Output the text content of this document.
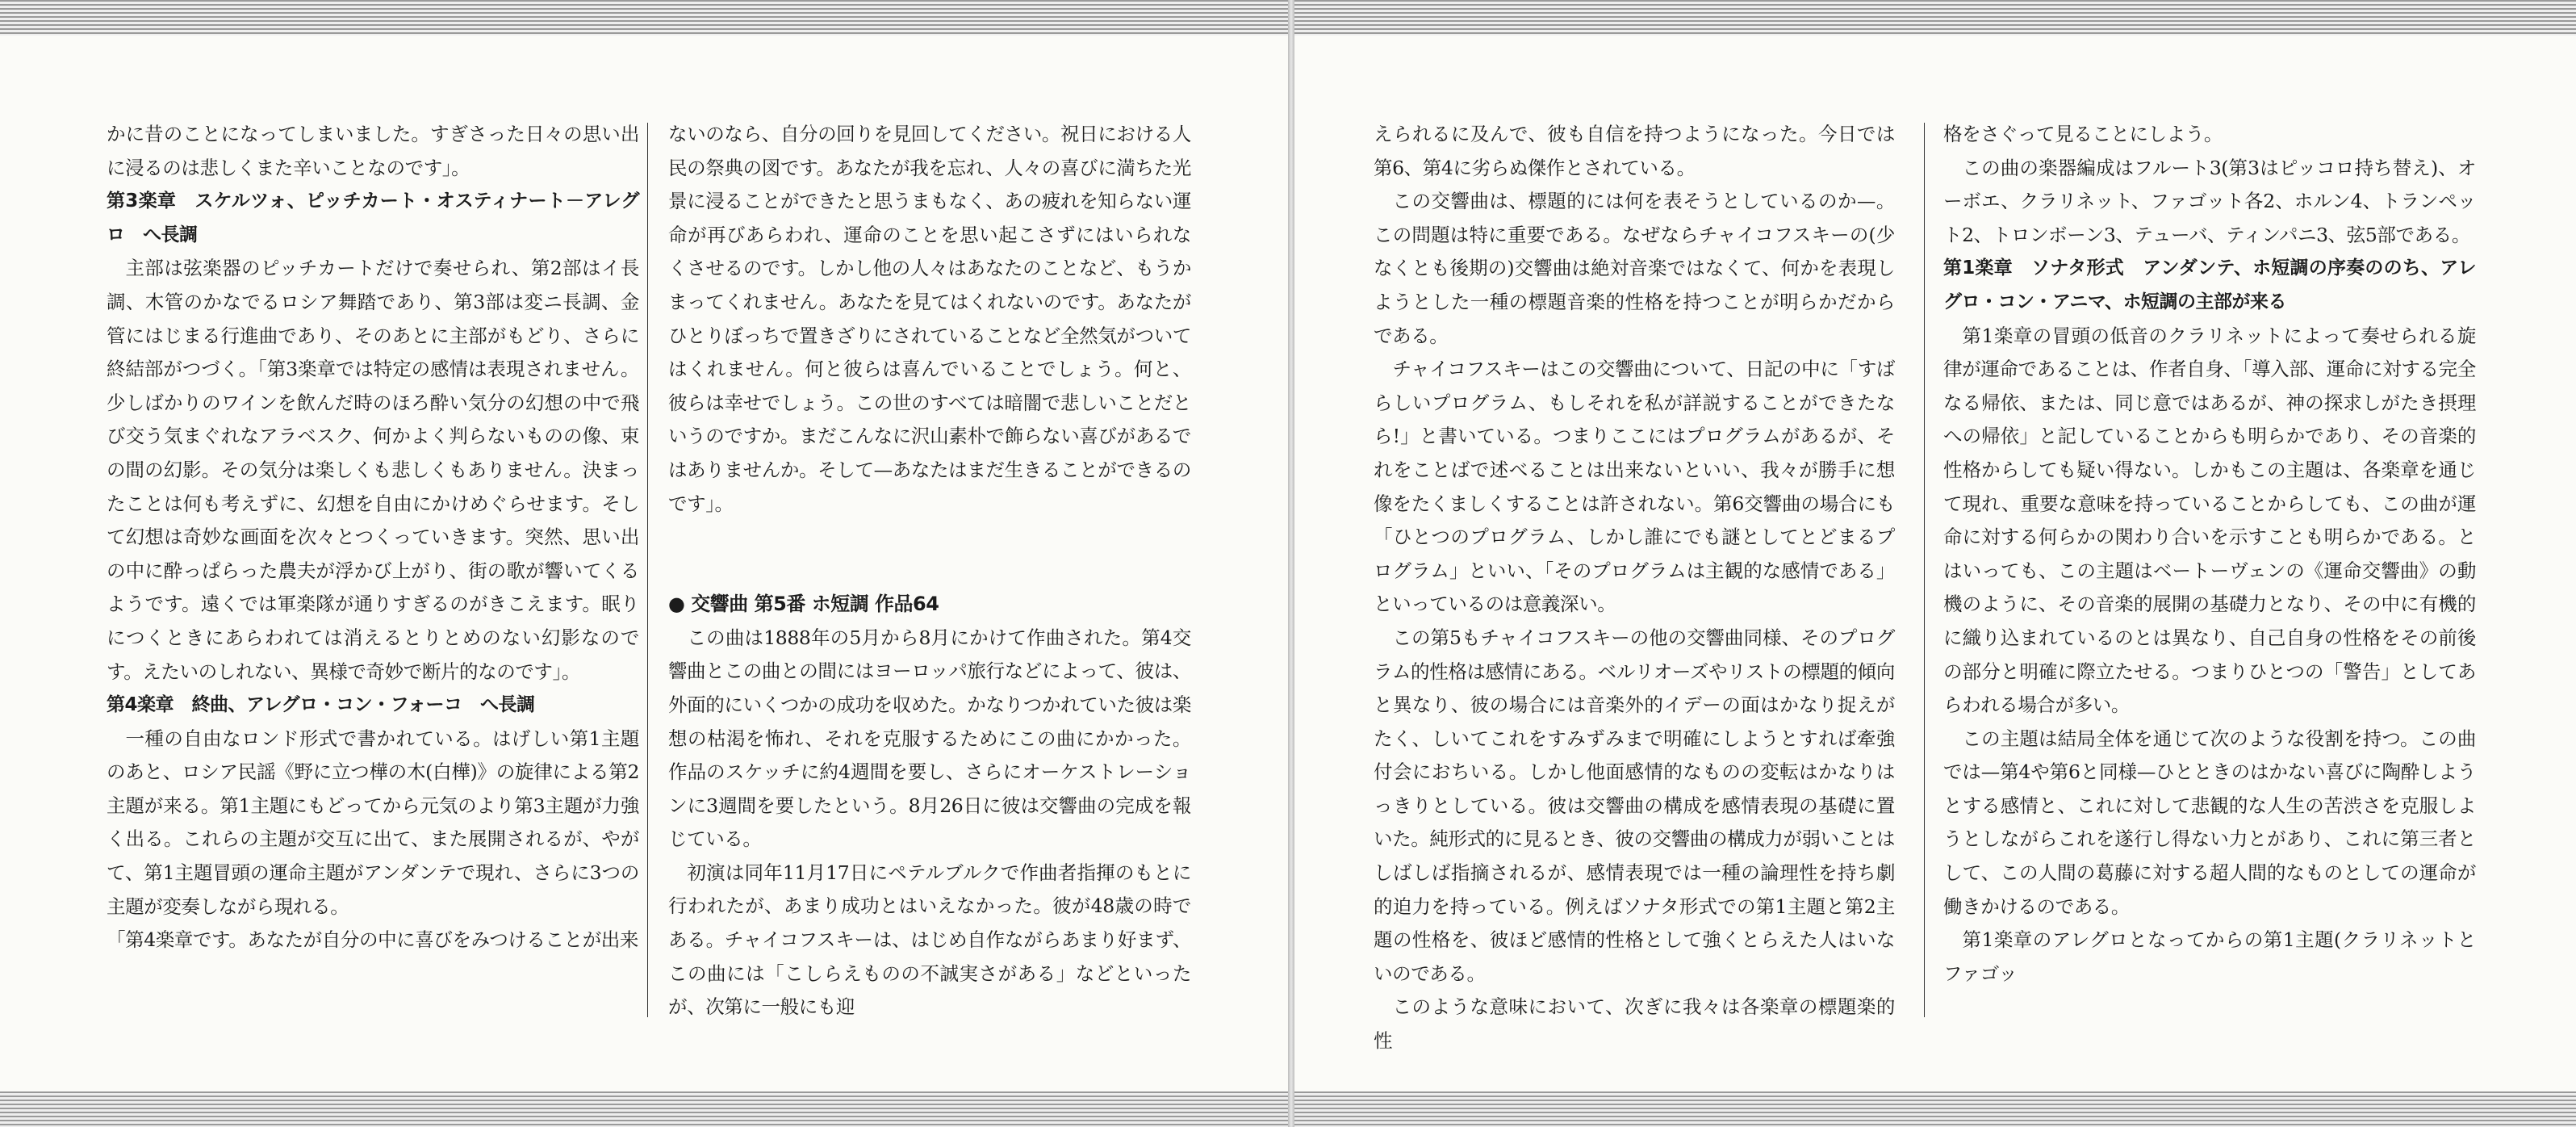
かに昔のことになってしまいました。すぎさった日々の思い出に浸るのは悲しくまた辛いことなのです」。

第3楽章　スケルツォ、ピッチカート・オスティナート－アレグロ　へ長調

主部は弦楽器のピッチカートだけで奏せられ、第2部はイ長調、木管のかなでるロシア舞踏であり、第3部は変ニ長調、金管にはじまる行進曲であり、そのあとに主部がもどり、さらに終結部がつづく。「第3楽章では特定の感情は表現されません。少しばかりのワインを飲んだ時のほろ酔い気分の幻想の中で飛び交う気まぐれなアラベスク、何かよく判らないものの像、束の間の幻影。その気分は楽しくも悲しくもありません。決まったことは何も考えずに、幻想を自由にかけめぐらせます。そして幻想は奇妙な画面を次々とつくっていきます。突然、思い出の中に酔っぱらった農夫が浮かび上がり、街の歌が響いてくるようです。遠くでは軍楽隊が通りすぎるのがきこえます。眠りにつくときにあらわれては消えるとりとめのない幻影なのです。えたいのしれない、異様で奇妙で断片的なのです」。

第4楽章　終曲、アレグロ・コン・フォーコ　へ長調

一種の自由なロンド形式で書かれている。はげしい第1主題のあと、ロシア民謡《野に立つ樺の木(白樺)》の旋律による第2主題が来る。第1主題にもどってから元気のより第3主題が力強く出る。これらの主題が交互に出て、また展開されるが、やがて、第1主題冒頭の運命主題がアンダンテで現れ、さらに3つの主題が変奏しながら現れる。

「第4楽章です。あなたが自分の中に喜びをみつけることが出来

ないのなら、自分の回りを見回してください。祝日における人民の祭典の図です。あなたが我を忘れ、人々の喜びに満ちた光景に浸ることができたと思うまもなく、あの疲れを知らない運命が再びあらわれ、運命のことを思い起こさずにはいられなくさせるのです。しかし他の人々はあなたのことなど、もうかまってくれません。あなたを見てはくれないのです。あなたがひとりぼっちで置きざりにされていることなど全然気がついてはくれません。何と彼らは喜んでいることでしょう。何と、彼らは幸せでしょう。この世のすべては暗闇で悲しいことだというのですか。まだこんなに沢山素朴で飾らない喜びがあるではありませんか。そして—あなたはまだ生きることができるのです」。

● 交響曲 第5番 ホ短調 作品64

この曲は1888年の5月から8月にかけて作曲された。第4交響曲とこの曲との間にはヨーロッパ旅行などによって、彼は、外面的にいくつかの成功を収めた。かなりつかれていた彼は楽想の枯渇を怖れ、それを克服するためにこの曲にかかった。作品のスケッチに約4週間を要し、さらにオーケストレーションに3週間を要したという。8月26日に彼は交響曲の完成を報じている。

初演は同年11月17日にペテルブルクで作曲者指揮のもとに行われたが、あまり成功とはいえなかった。彼が48歳の時である。チャイコフスキーは、はじめ自作ながらあまり好まず、この曲には「こしらえものの不誠実さがある」などといったが、次第に一般にも迎

えられるに及んで、彼も自信を持つようになった。今日では第6、第4に劣らぬ傑作とされている。

この交響曲は、標題的には何を表そうとしているのか—。この問題は特に重要である。なぜならチャイコフスキーの(少なくとも後期の)交響曲は絶対音楽ではなくて、何かを表現しようとした一種の標題音楽的性格を持つことが明らかだからである。

チャイコフスキーはこの交響曲について、日記の中に「すばらしいプログラム、もしそれを私が詳説することができたなら!」と書いている。つまりここにはプログラムがあるが、それをことばで述べることは出来ないといい、我々が勝手に想像をたくましくすることは許されない。第6交響曲の場合にも「ひとつのプログラム、しかし誰にでも謎としてとどまるプログラム」といい、「そのプログラムは主観的な感情である」といっているのは意義深い。

この第5もチャイコフスキーの他の交響曲同様、そのプログラム的性格は感情にある。ベルリオーズやリストの標題的傾向と異なり、彼の場合には音楽外的イデーの面はかなり捉えがたく、しいてこれをすみずみまで明確にしようとすれば牽強付会におちいる。しかし他面感情的なものの変転はかなりはっきりとしている。彼は交響曲の構成を感情表現の基礎に置いた。純形式的に見るとき、彼の交響曲の構成力が弱いことはしばしば指摘されるが、感情表現では一種の論理性を持ち劇的迫力を持っている。例えばソナタ形式での第1主題と第2主題の性格を、彼ほど感情的性格として強くとらえた人はいないのである。

このような意味において、次ぎに我々は各楽章の標題楽的性

格をさぐって見ることにしよう。

この曲の楽器編成はフルート3(第3はピッコロ持ち替え)、オーボエ、クラリネット、ファゴット各2、ホルン4、トランペット2、トロンボーン3、テューバ、ティンパニ3、弦5部である。

第1楽章　ソナタ形式　アンダンテ、ホ短調の序奏ののち、アレグロ・コン・アニマ、ホ短調の主部が来る

第1楽章の冒頭の低音のクラリネットによって奏せられる旋律が運命であることは、作者自身、「導入部、運命に対する完全なる帰依、または、同じ意ではあるが、神の探求しがたき摂理への帰依」と記していることからも明らかであり、その音楽的性格からしても疑い得ない。しかもこの主題は、各楽章を通じて現れ、重要な意味を持っていることからしても、この曲が運命に対する何らかの関わり合いを示すことも明らかである。とはいっても、この主題はベートーヴェンの《運命交響曲》の動機のように、その音楽的展開の基礎力となり、その中に有機的に織り込まれているのとは異なり、自己自身の性格をその前後の部分と明確に際立たせる。つまりひとつの「警告」としてあらわれる場合が多い。

この主題は結局全体を通じて次のような役割を持つ。この曲では—第4や第6と同様—ひとときのはかない喜びに陶酔しようとする感情と、これに対して悲観的な人生の苦渋さを克服しようとしながらこれを遂行し得ない力とがあり、これに第三者として、この人間の葛藤に対する超人間的なものとしての運命が働きかけるのである。

第1楽章のアレグロとなってからの第1主題(クラリネットとファゴッ
